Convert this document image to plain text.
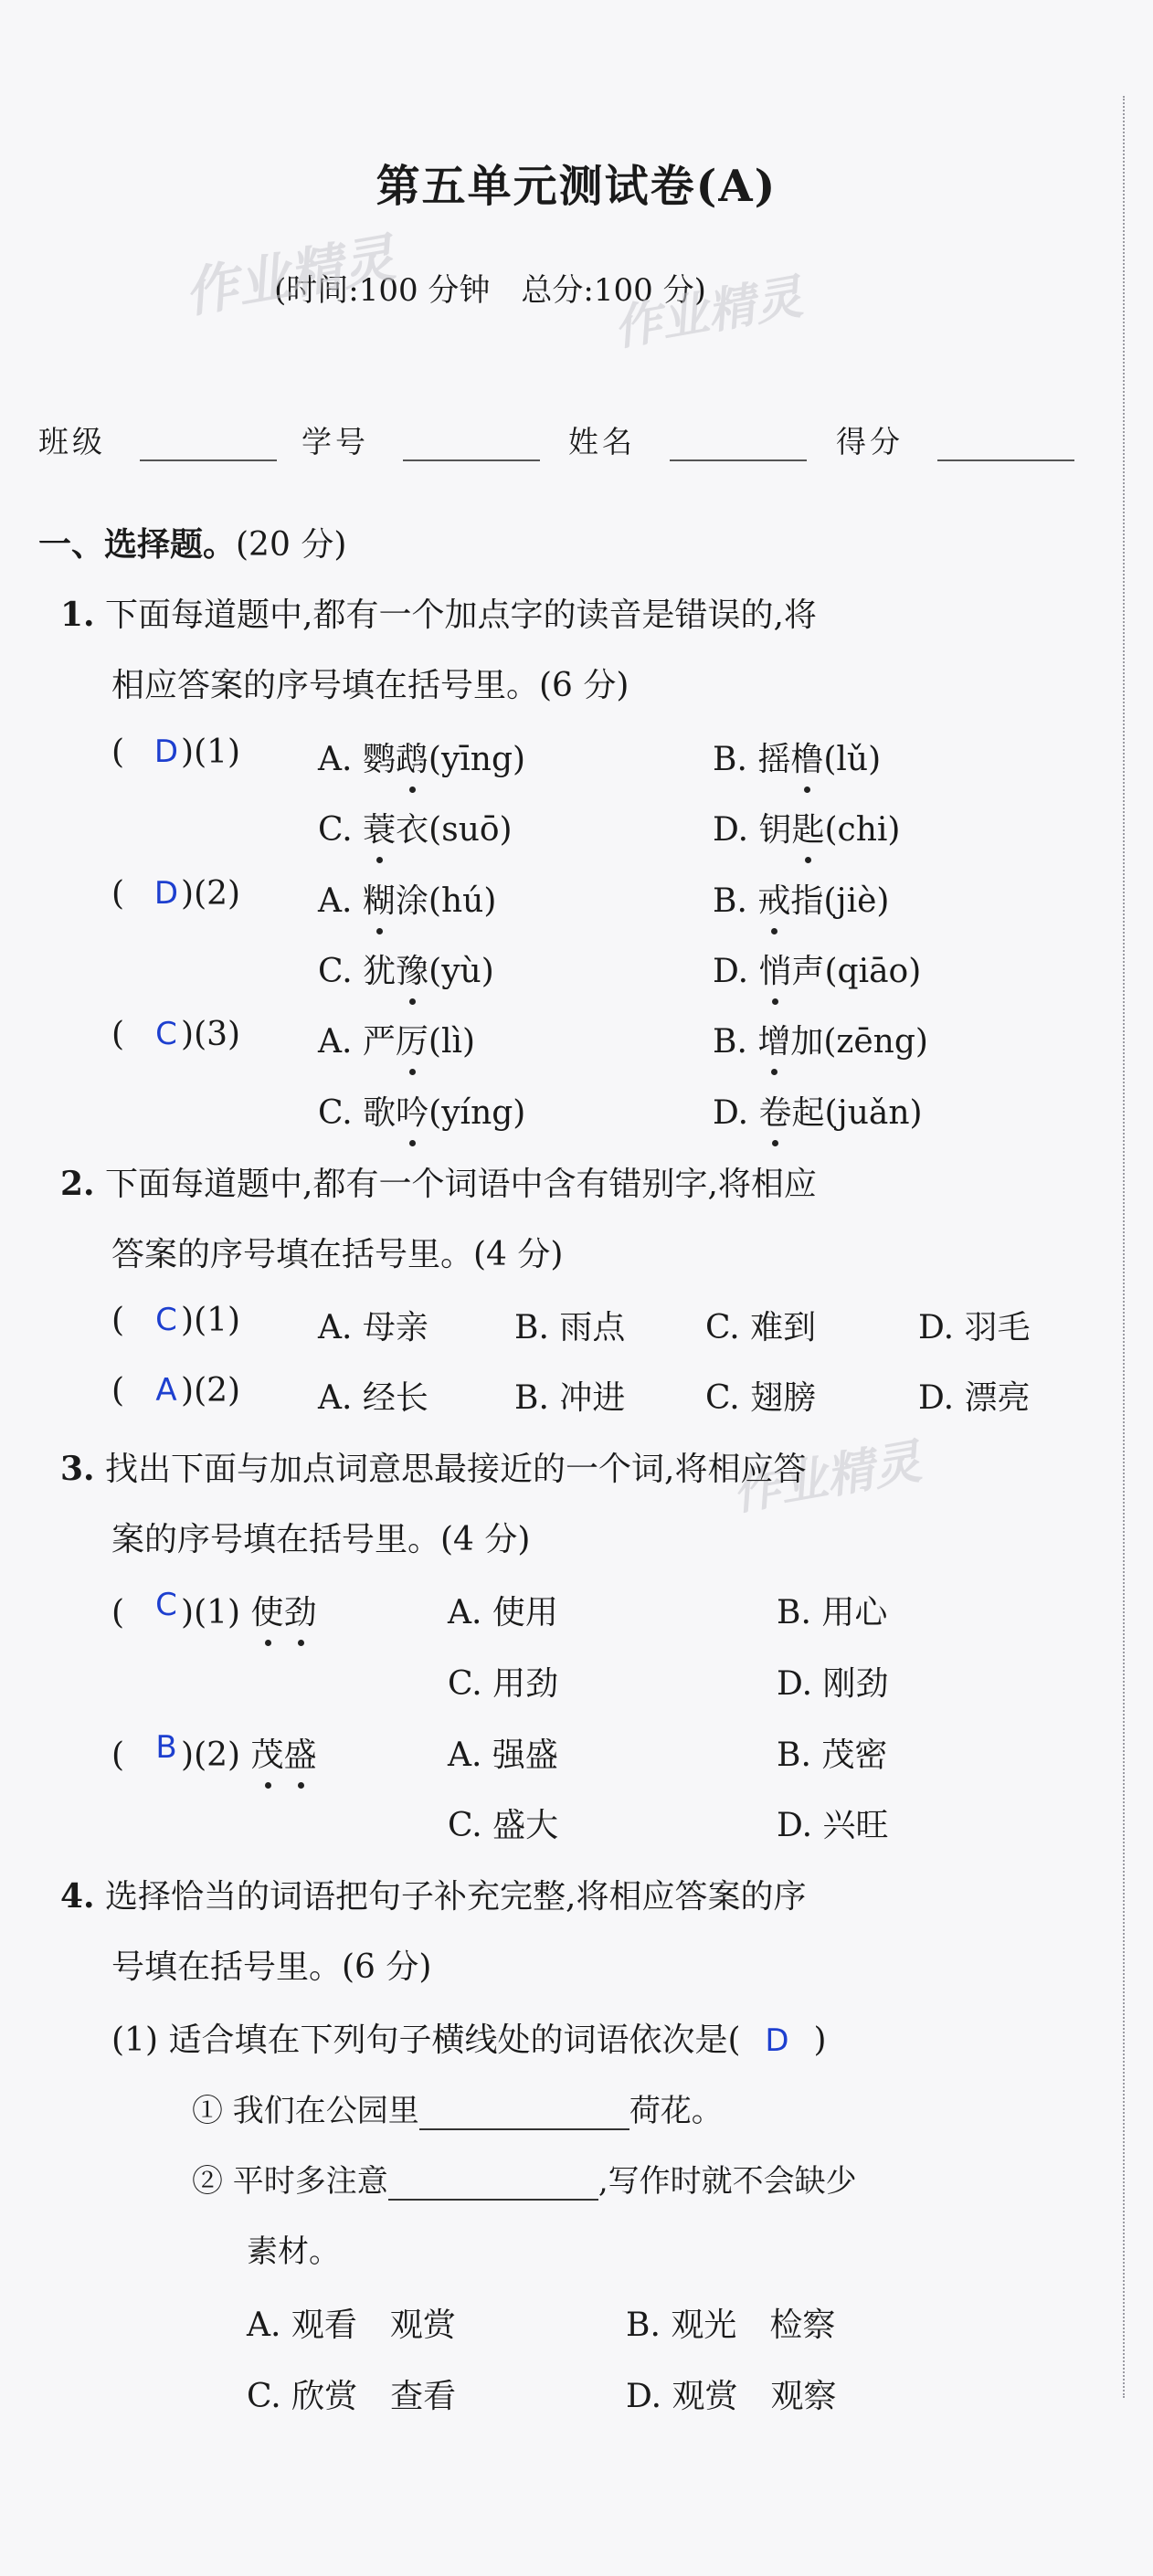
第五单元测试卷(A)
(时间:100 分钟　总分:100 分)
作业精灵	作业精灵
作业精灵
班级　	学号　	姓名　	得分　
一、选择题。(20 分)
1. 下面每道题中,都有一个加点字的读音是错误的,将
相应答案的序号填在括号里。(6 分)
( D )(1) A. 鹦鹉(yīng)	B. 摇橹(lǔ)
C. 蓑衣(suō)	D. 钥匙(chi)
( D )(2) A. 糊涂(hú)	B. 戒指(jiè)
C. 犹豫(yù)	D. 悄声(qiāo)
(	C )(3) A. 严厉(lì)	B. 增加(zēng)
C. 歌吟(yíng)	D. 卷起(juǎn)
2. 下面每道题中,都有一个词语中含有错别字,将相应
答案的序号填在括号里。(4 分)
(	C )(1) A. 母亲	B. 雨点 C. 难到	D. 羽毛
(	A )(2) A. 经长	B. 冲进 C. 翅膀	D. 漂亮
3. 找出下面与加点词意思最接近的一个词,将相应答
案的序号填在括号里。(4 分)
(	C )(1) 使劲	A. 使用	B. 用心
C. 用劲	D. 刚劲
(	B )(2) 茂盛	A. 强盛	B. 茂密
C. 盛大	D. 兴旺
4. 选择恰当的词语把句子补充完整,将相应答案的序
号填在括号里。(6 分)
(1) 适合填在下列句子横线处的词语依次是( D )
① 我们在公园里	荷花。
② 平时多注意	,写作时就不会缺少
素材。
A. 观看　观赏	B. 观光　检察
C. 欣赏　查看	D. 观赏　观察
